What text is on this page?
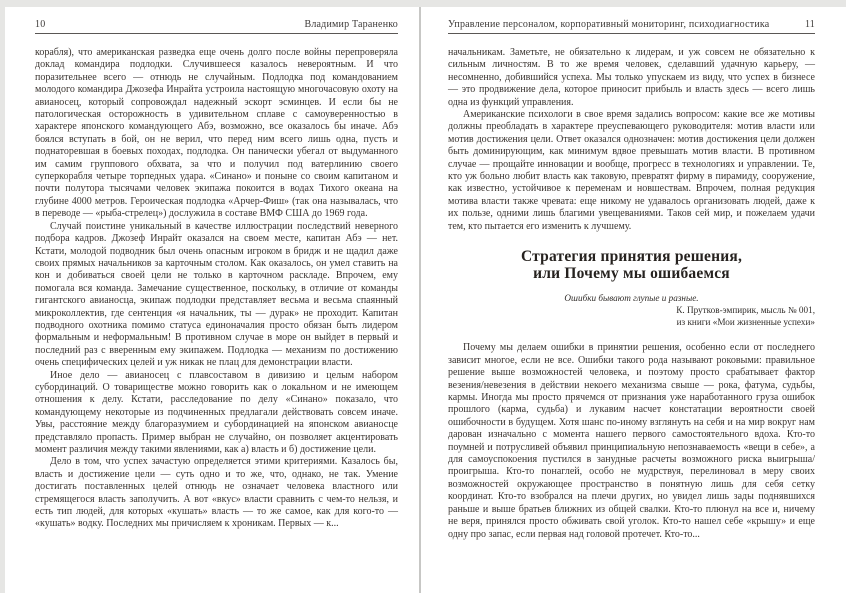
10	Владимир Тараненко

корабля), что американская разведка еще очень долго после войны перепроверяла доклад командира подлодки. Случившееся казалось невероятным. И что поразительнее всего — отнюдь не случайным. Подлодка под командованием молодого командира Джозефа Инрайта устроила настоящую многочасовую охоту на авианосец, который сопровождал надежный эскорт эсминцев. И если бы не патологическая осторожность в удивительном сплаве с самоуверенностью в характере японского командующего Абэ, возможно, все оказалось бы иначе. Абэ боялся вступать в бой, он не верил, что перед ним всего лишь одна, пусть и поднаторевшая в боевых походах, подлодка. Он панически убегал от выдуманного им самим группового обхвата, за что и получил под ватерлинию своего суперкорабля четыре торпедных удара. «Синано» и поныне со своим капитаном и почти полутора тысячами человек экипажа покоится в водах Тихого океана на глубине 4000 метров. Героическая подлодка «Арчер-Фиш» (так она называлась, что в переводе — «рыба-стрелец») дослужила в составе ВМФ США до 1969 года.

Случай поистине уникальный в качестве иллюстрации последствий неверного подбора кадров. Джозеф Инрайт оказался на своем месте, капитан Абэ — нет. Кстати, молодой подводник был очень опасным игроком в бридж и не щадил даже своих прямых начальников за карточным столом. Как оказалось, он умел ставить на кон и добиваться своей цели не только в карточном раскладе. Впрочем, ему помогала вся команда. Замечание существенное, поскольку, в отличие от команды гигантского авианосца, экипаж подлодки представляет весьма и весьма спаянный микроколлектив, где сентенция «я начальник, ты — дурак» не проходит. Капитан подводного охотника помимо статуса единоначалия просто обязан быть лидером формальным и неформальным! В противном случае в море он выйдет в первый и последний раз с вверенным ему экипажем. Подлодка — механизм по достижению очень специфических целей и уж никак не плац для демонстрации власти.

Иное дело — авианосец с плавсоставом в дивизию и целым набором субординаций. О товариществе можно говорить как о локальном и не имеющем отношения к делу. Кстати, расследование по делу «Синано» показало, что командующему некоторые из подчиненных предлагали действовать совсем иначе. Увы, расстояние между благоразумием и субординацией на японском авианосце представляло пропасть. Пример выбран не случайно, он позволяет акцентировать момент различия между такими явлениями, как а) власть и б) достижение цели.

Дело в том, что успех зачастую определяется этими критериями. Казалось бы, власть и достижение цели — суть одно и то же, что, однако, не так. Умение достигать поставленных целей отнюдь не означает человека властного или стремящегося власть заполучить. А вот «вкус» власти сравнить с чем-то нельзя, и есть тип людей, для которых «кушать» власть — то же самое, как для кого-то — «кушать» водку. Последних мы причисляем к хроникам. Первых — к...

Управление персоналом, корпоративный мониторинг, психодиагностика	11

начальникам. Заметьте, не обязательно к лидерам, и уж совсем не обязательно к сильным личностям. В то же время человек, сделавший удачную карьеру, — несомненно, добившийся успеха. Мы только упускаем из виду, что успех в бизнесе — это продвижение дела, которое приносит прибыль и власть здесь — всего лишь одна из функций управления.

Американские психологи в свое время задались вопросом: какие все же мотивы должны преобладать в характере преуспевающего руководителя: мотив власти или мотив достижения цели. Ответ оказался однозначен: мотив достижения цели должен быть доминирующим, как минимум вдвое превышать мотив власти. В противном случае — прощайте инновации и вообще, прогресс в технологиях и управлении. Те, кто уж больно любит власть как таковую, превратят фирму в пирамиду, сооружение, как известно, устойчивое к переменам и новшествам. Впрочем, полная редукция мотива власти также чревата: еще никому не удавалось организовать людей, даже к их пользе, одними лишь благими увещеваниями. Таков сей мир, и пожелаем удачи тем, кто пытается его изменить к лучшему.

Стратегия принятия решения,
или Почему мы ошибаемся
Ошибки бывают глупые и разные.
К. Прутков-эмпирик, мысль № 001,
из книги «Мои жизненные успехи»

Почему мы делаем ошибки в принятии решения, особенно если от последнего зависит многое, если не все. Ошибки такого рода называют роковыми: правильное решение выше возможностей человека, и поэтому просто срабатывает фактор везения/невезения в действии некоего механизма свыше — рока, фатума, судьбы, кармы. Иногда мы просто прячемся от признания уже наработанного груза ошибок прошлого (карма, судьба) и лукавим насчет констатации вероятности своей ошибочности в будущем. Хотя шанс по-иному взглянуть на себя и на мир вокруг нам дарован изначально с момента нашего первого самостоятельного вдоха. Кто-то поумней и потрусливей объявил принципиальную непознаваемость «вещи в себе», а для самоуспокоения пустился в занудные расчеты возможного риска выигрыша/проигрыша. Кто-то понаглей, особо не мудрствуя, перелиновал в меру своих возможностей окружающее пространство в понятную лишь для себя сетку координат. Кто-то взобрался на плечи других, но увидел лишь зады поднявшихся раньше и выше братьев ближних из общей свалки. Кто-то плюнул на все и, ничему не веря, принялся просто обживать свой уголок. Кто-то нашел себе «крышу» и еще одну про запас, если первая над головой протечет. Кто-то...
